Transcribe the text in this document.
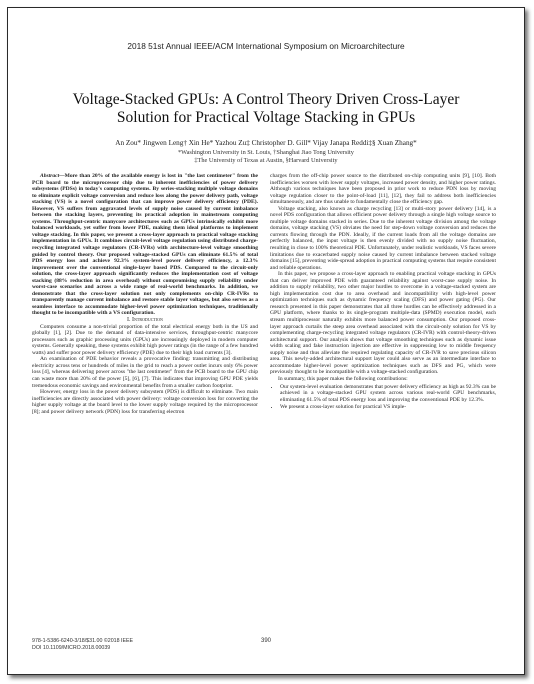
2018 51st Annual IEEE/ACM International Symposium on Microarchitecture
Voltage-Stacked GPUs: A Control Theory Driven Cross-Layer
Solution for Practical Voltage Stacking in GPUs
An Zou* Jingwen Leng† Xin He* Yazhou Zu‡ Christopher D. Gill* Vijay Janapa Reddi‡§ Xuan Zhang*
*Washington University in St. Louis, †Shanghai Jiao Tong University
‡The University of Texas at Austin, §Harvard University

Abstract—More than 20% of the available energy is lost in "the last centimeter" from the PCB board to the microprocessor chip due to inherent inefficiencies of power delivery subsystems (PDSs) in today's computing systems. By series-stacking multiple voltage domains to eliminate explicit voltage conversion and reduce loss along the power delivery path, voltage stacking (VS) is a novel configuration that can improve power delivery efficiency (PDE). However, VS suffers from aggravated levels of supply noise caused by current imbalance between the stacking layers, preventing its practical adoption in mainstream computing systems. Throughput-centric manycore architectures such as GPUs intrinsically exhibit more balanced workloads, yet suffer from lower PDE, making them ideal platforms to implement voltage stacking. In this paper, we present a cross-layer approach to practical voltage stacking implementation in GPUs. It combines circuit-level voltage regulation using distributed charge-recycling integrated voltage regulators (CR-IVRs) with architecture-level voltage smoothing guided by control theory. Our proposed voltage-stacked GPUs can eliminate 61.5% of total PDS energy loss and achieve 92.3% system-level power delivery efficiency, a 12.3% improvement over the conventional single-layer based PDS. Compared to the circuit-only solution, the cross-layer approach significantly reduces the implementation cost of voltage stacking (88% reduction in area overhead) without compromising supply reliability under worst-case scenarios and across a wide range of real-world benchmarks. In addition, we demonstrate that the cross-layer solution not only complements on-chip CR-IVRs to transparently manage current imbalance and restore stable layer voltages, but also serves as a seamless interface to accommodate higher-level power optimization techniques, traditionally thought to be incompatible with a VS configuration.

I. Introduction

Computers consume a non-trivial proportion of the total electrical energy both in the US and globally [1], [2]. Due to the demand of data-intensive services, throughput-centric manycore processors such as graphic processing units (GPUs) are increasingly deployed in modern computer systems. Generally speaking, these systems exhibit high power ratings (in the range of a few hundred watts) and suffer poor power delivery efficiency (PDE) due to their high load currents [3].

An examination of PDE behavior reveals a provocative finding: transmitting and distributing electricity across tens or hundreds of miles in the grid to reach a power outlet incurs only 6% power loss [4], whereas delivering power across "the last centimeter" from the PCB board to the GPU chip can waste more than 20% of the power [5], [6], [7]. This indicates that improving GPU PDE yields tremendous economic savings and environmental benefits from a smaller carbon footprint.

However, energy loss in the power delivery subsystem (PDS) is difficult to eliminate. Two main inefficiencies are directly associated with power delivery: voltage conversion loss for converting the higher supply voltage at the board level to the lower supply voltage required by the microprocessor [8]; and power delivery network (PDN) loss for transferring electron

charges from the off-chip power source to the distributed on-chip computing units [9], [10]. Both inefficiencies worsen with lower supply voltages, increased power density, and higher power ratings. Although various techniques have been proposed in prior work to reduce PDN loss by moving voltage regulation closer to the point-of-load [11], [12], they fail to address both inefficiencies simultaneously, and are thus unable to fundamentally close the efficiency gap.

Voltage stacking, also known as charge recycling [13] or multi-story power delivery [14], is a novel PDS configuration that allows efficient power delivery through a single high voltage source to multiple voltage domains stacked in series. Due to the inherent voltage division among the voltage domains, voltage stacking (VS) obviates the need for step-down voltage conversion and reduces the currents flowing through the PDN. Ideally, if the current loads from all the voltage domains are perfectly balanced, the input voltage is then evenly divided with no supply noise fluctuation, resulting in close to 100% theoretical PDE. Unfortunately, under realistic workloads, VS faces severe limitations due to exacerbated supply noise caused by current imbalance between stacked voltage domains [15], preventing wide-spread adoption in practical computing systems that require consistent and reliable operations.

In this paper, we propose a cross-layer approach to enabling practical voltage stacking in GPUs that can deliver improved PDE with guaranteed reliability against worst-case supply noise. In addition to supply reliability, two other major hurdles to overcome in a voltage-stacked system are high implementation cost due to area overhead and incompatibility with high-level power optimization techniques such as dynamic frequency scaling (DFS) and power gating (PG). Our research presented in this paper demonstrates that all three hurdles can be effectively addressed in a GPU platform, where thanks to its single-program multiple-data (SPMD) execution model, each stream multiprocessor naturally exhibits more balanced power consumption. Our proposed cross-layer approach curtails the steep area overhead associated with the circuit-only solution for VS by complementing charge-recycling integrated voltage regulators (CR-IVR) with control-theory-driven architectural support. Our analysis shows that voltage smoothing techniques such as dynamic issue width scaling and fake instruction injection are effective in suppressing low to middle frequency supply noise and thus alleviate the required regulating capacity of CR-IVR to save precious silicon area. This newly-added architectural support layer could also serve as an intermediate interface to accommodate higher-level power optimization techniques such as DFS and PG, which were previously thought to be incompatible with a voltage-stacked configuration.

In summary, this paper makes the following contributions:

• Our system-level evaluation demonstrates that power delivery efficiency as high as 92.3% can be achieved in a voltage-stacked GPU system across various real-world GPU benchmarks, eliminating 61.5% of total PDS energy loss and improving the conventional PDE by 12.3%.
• We present a cross-layer solution for practical VS imple-
978-1-5386-6240-3/18/$31.00 ©2018 IEEE
DOI 10.1109/MICRO.2018.00039
390
